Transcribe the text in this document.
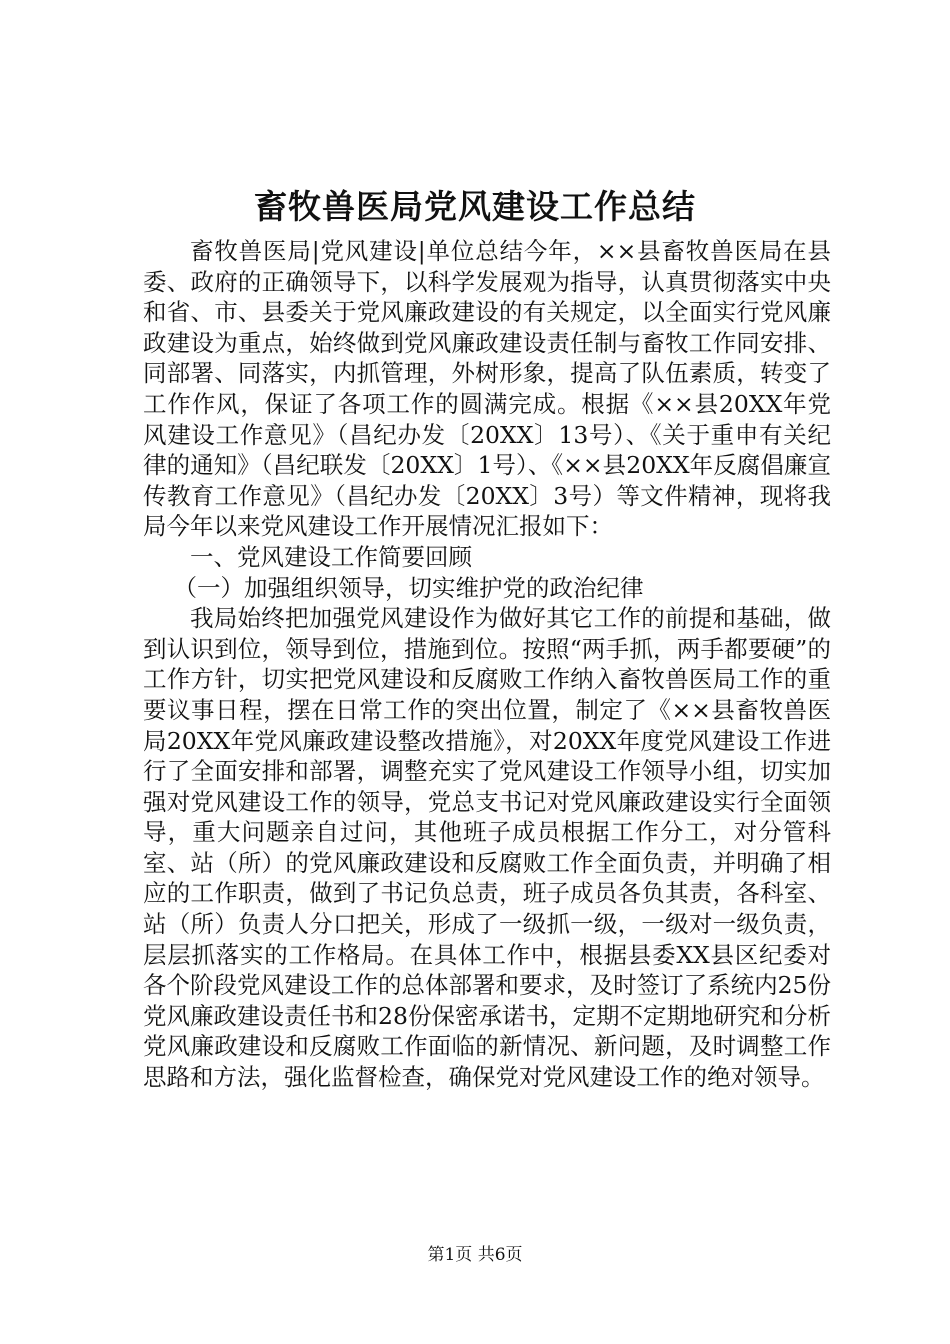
畜牧兽医局党风建设工作总结

畜牧兽医局|党风建设|单位总结今年，××县畜牧兽医局在县委、政府的正确领导下，以科学发展观为指导，认真贯彻落实中央和省、市、县委关于党风廉政建设的有关规定，以全面实行党风廉政建设为重点，始终做到党风廉政建设责任制与畜牧工作同安排、同部署、同落实，内抓管理，外树形象，提高了队伍素质，转变了工作作风，保证了各项工作的圆满完成。根据《××县20XX年党风建设工作意见》（昌纪办发〔20XX〕13号）、《关于重申有关纪律的通知》（昌纪联发〔20XX〕1号）、《××县20XX年反腐倡廉宣传教育工作意见》（昌纪办发〔20XX〕3号）等文件精神，现将我局今年以来党风建设工作开展情况汇报如下：

一、党风建设工作简要回顾

（一）加强组织领导，切实维护党的政治纪律

我局始终把加强党风建设作为做好其它工作的前提和基础，做到认识到位，领导到位，措施到位。按照“两手抓，两手都要硬”的工作方针，切实把党风建设和反腐败工作纳入畜牧兽医局工作的重要议事日程，摆在日常工作的突出位置，制定了《××县畜牧兽医局20XX年党风廉政建设整改措施》，对20XX年度党风建设工作进行了全面安排和部署，调整充实了党风建设工作领导小组，切实加强对党风建设工作的领导，党总支书记对党风廉政建设实行全面领导，重大问题亲自过问，其他班子成员根据工作分工，对分管科室、站（所）的党风廉政建设和反腐败工作全面负责，并明确了相应的工作职责，做到了书记负总责，班子成员各负其责，各科室、站（所）负责人分口把关，形成了一级抓一级，一级对一级负责，层层抓落实的工作格局。在具体工作中，根据县委XX县区纪委对各个阶段党风建设工作的总体部署和要求，及时签订了系统内25份党风廉政建设责任书和28份保密承诺书，定期不定期地研究和分析党风廉政建设和反腐败工作面临的新情况、新问题，及时调整工作思路和方法，强化监督检查，确保党对党风建设工作的绝对领导。

第1页 共6页
